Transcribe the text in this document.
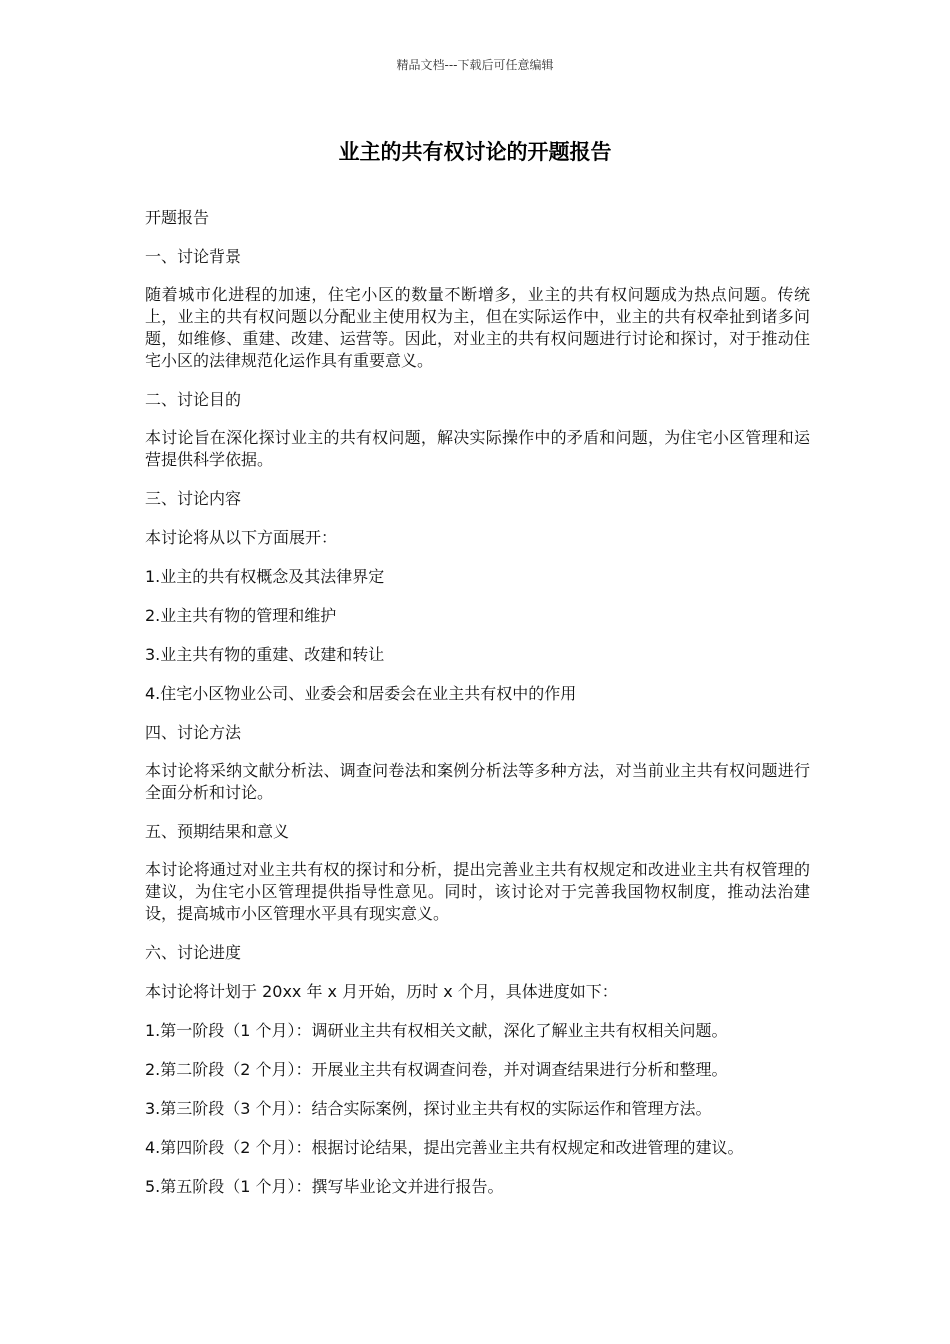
精品文档---下载后可任意编辑
业主的共有权讨论的开题报告

开题报告

一、讨论背景

随着城市化进程的加速，住宅小区的数量不断增多，业主的共有权问题成为热点问题。传统上，业主的共有权问题以分配业主使用权为主，但在实际运作中，业主的共有权牵扯到诸多问题，如维修、重建、改建、运营等。因此，对业主的共有权问题进行讨论和探讨，对于推动住宅小区的法律规范化运作具有重要意义。

二、讨论目的

本讨论旨在深化探讨业主的共有权问题，解决实际操作中的矛盾和问题，为住宅小区管理和运营提供科学依据。

三、讨论内容

本讨论将从以下方面展开：

1.业主的共有权概念及其法律界定

2.业主共有物的管理和维护

3.业主共有物的重建、改建和转让

4.住宅小区物业公司、业委会和居委会在业主共有权中的作用

四、讨论方法

本讨论将采纳文献分析法、调查问卷法和案例分析法等多种方法，对当前业主共有权问题进行全面分析和讨论。

五、预期结果和意义

本讨论将通过对业主共有权的探讨和分析，提出完善业主共有权规定和改进业主共有权管理的建议，为住宅小区管理提供指导性意见。同时，该讨论对于完善我国物权制度，推动法治建设，提高城市小区管理水平具有现实意义。

六、讨论进度

本讨论将计划于 20xx 年 x 月开始，历时 x 个月，具体进度如下：

1.第一阶段（1 个月）：调研业主共有权相关文献，深化了解业主共有权相关问题。

2.第二阶段（2 个月）：开展业主共有权调查问卷，并对调查结果进行分析和整理。

3.第三阶段（3 个月）：结合实际案例，探讨业主共有权的实际运作和管理方法。

4.第四阶段（2 个月）：根据讨论结果，提出完善业主共有权规定和改进管理的建议。

5.第五阶段（1 个月）：撰写毕业论文并进行报告。
